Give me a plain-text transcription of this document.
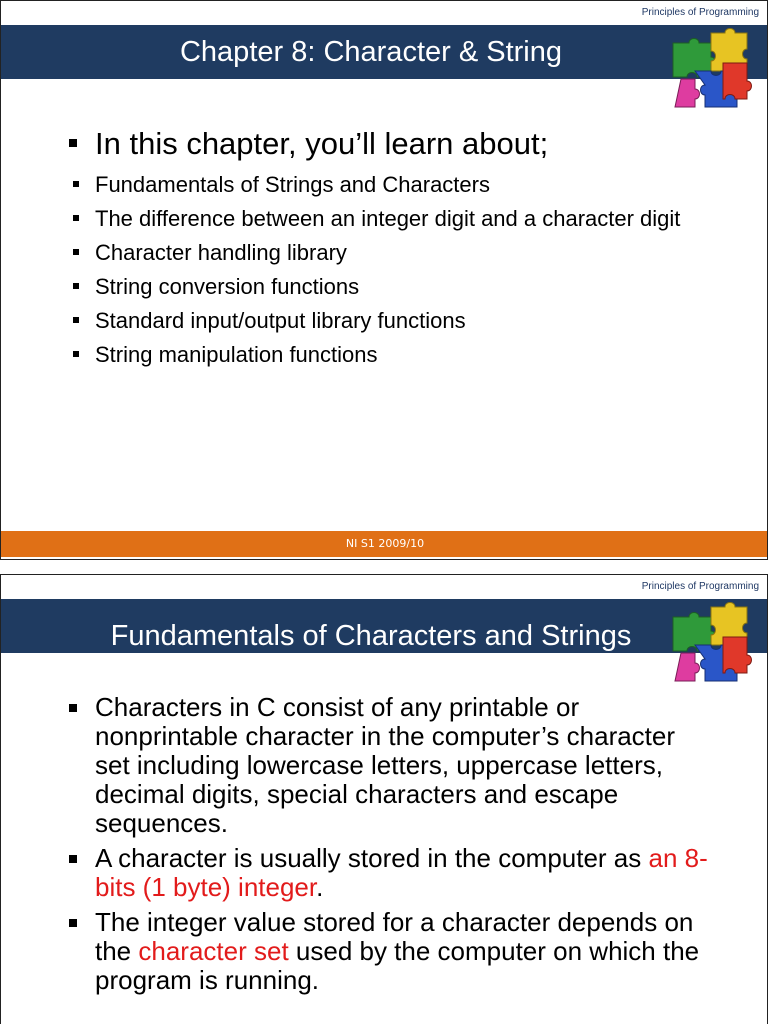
Principles of Programming
Chapter 8: Character & String
In this chapter, you’ll learn about;
Fundamentals of Strings and Characters
The difference between an integer digit and a character digit
Character handling library
String conversion functions
Standard input/output library functions
String manipulation functions
NI S1 2009/10
Principles of Programming
Fundamentals of Characters and Strings
Characters in C consist of any printable or nonprintable character in the computer’s character set including lowercase letters, uppercase letters, decimal digits, special characters and escape sequences.
A character is usually stored in the computer as an 8-bits (1 byte) integer.
The integer value stored for a character depends on the character set used by the computer on which the program is running.
